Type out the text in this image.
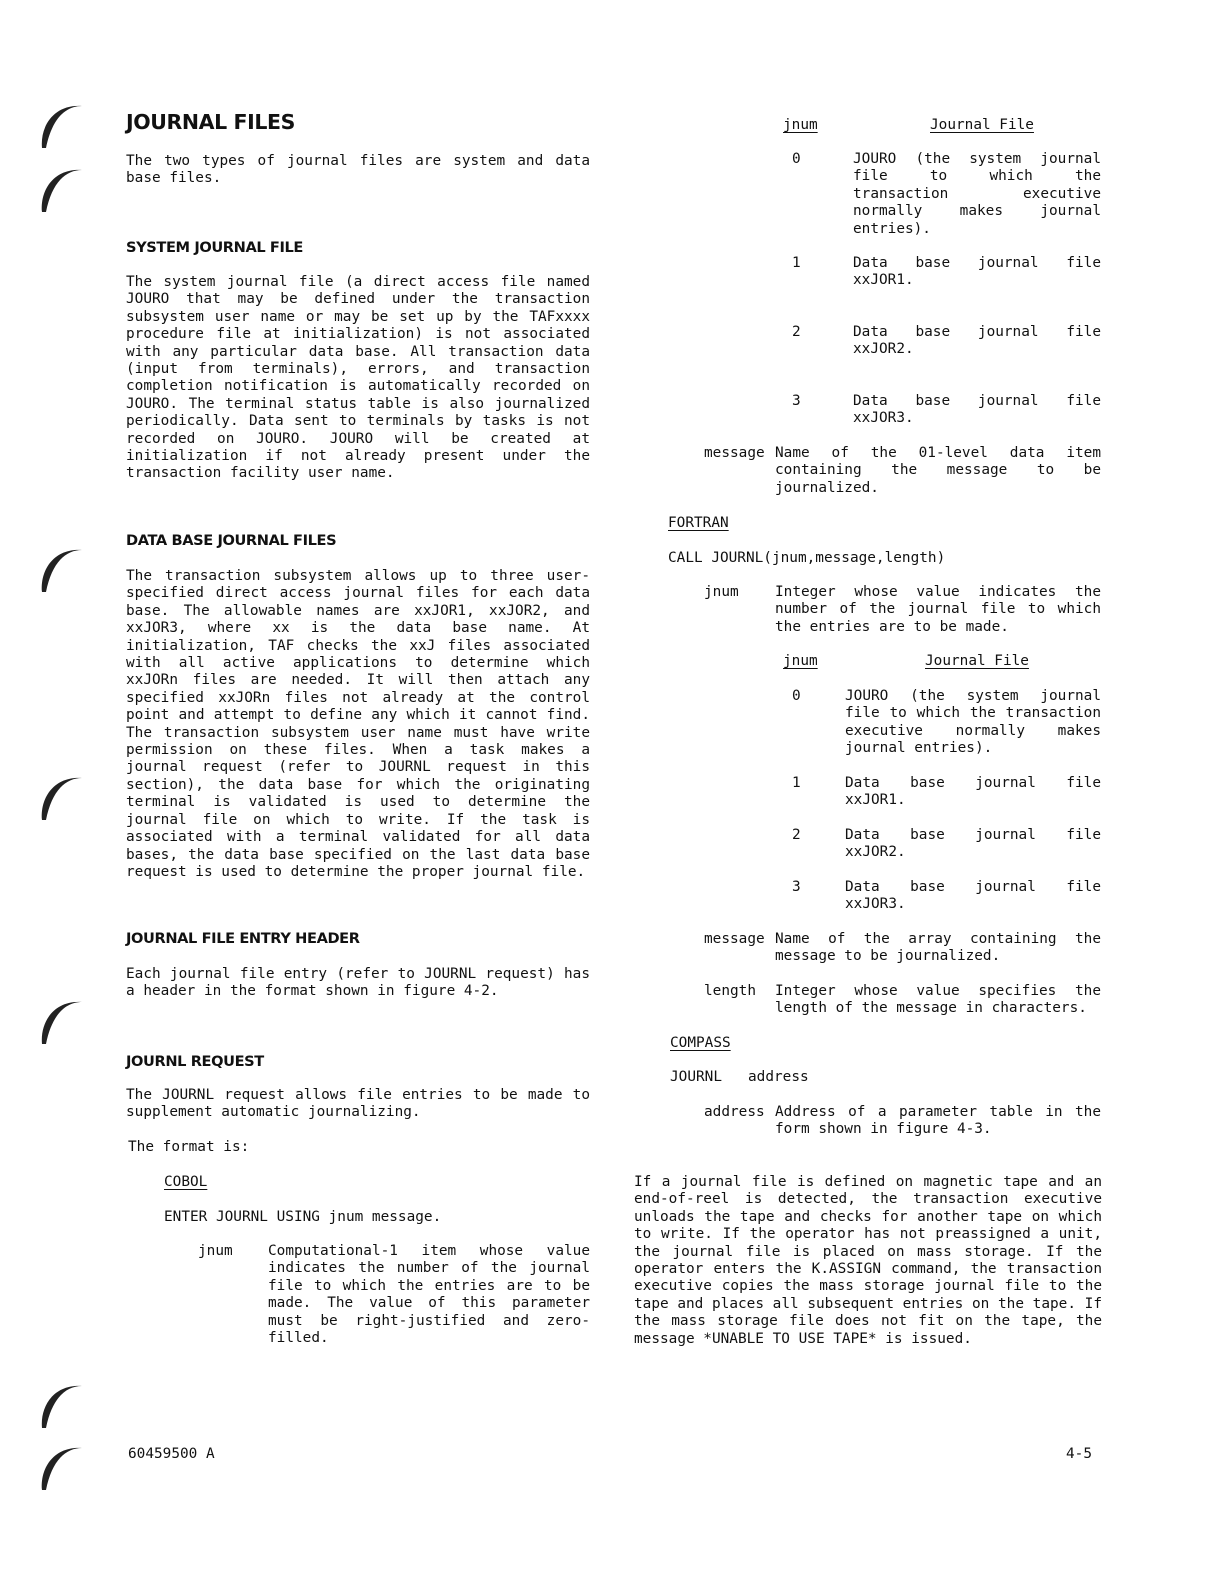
JOURNAL FILES
The two types of journal files are system and data base files.
SYSTEM JOURNAL FILE
The system journal file (a direct access file named JOURO that may be defined under the transaction subsystem user name or may be set up by the TAFxxxx procedure file at initialization) is not associated with any particular data base. All transaction data (input from terminals), errors, and transaction completion notification is automatically recorded on JOURO. The terminal status table is also journalized periodically. Data sent to terminals by tasks is not recorded on JOURO. JOURO will be created at initialization if not already present under the transaction facility user name.
DATA BASE JOURNAL FILES
The transaction subsystem allows up to three user-specified direct access journal files for each data base. The allowable names are xxJOR1, xxJOR2, and xxJOR3, where xx is the data base name. At initialization, TAF checks the xxJ files associated with all active applications to determine which xxJORn files are needed. It will then attach any specified xxJORn files not already at the control point and attempt to define any which it cannot find. The transaction subsystem user name must have write permission on these files. When a task makes a journal request (refer to JOURNL request in this section), the data base for which the originating terminal is validated is used to determine the journal file on which to write. If the task is associated with a terminal validated for all data bases, the data base specified on the last data base request is used to determine the proper journal file.
JOURNAL FILE ENTRY HEADER
Each journal file entry (refer to JOURNL request) has a header in the format shown in figure 4-2.
JOURNL REQUEST
The JOURNL request allows file entries to be made to supplement automatic journalizing.
The format is:
COBOL
ENTER JOURNL USING jnum message.
jnum Computational-1 item whose value indicates the number of the journal file to which the entries are to be made. The value of this parameter must be right-justified and zero-filled.
jnum	Journal File
0	JOURO (the system journal file to which the transaction executive normally makes journal entries).
1	Data base journal file xxJOR1.
2	Data base journal file xxJOR2.
3	Data base journal file xxJOR3.
message Name of the 01-level data item containing the message to be journalized.
FORTRAN
CALL JOURNL(jnum,message,length)
jnum	Integer whose value indicates the number of the journal file to which the entries are to be made.
jnum	Journal File
0	JOURO (the system journal file to which the transaction executive normally makes journal entries).
1	Data base journal file xxJOR1.
2	Data base journal file xxJOR2.
3	Data base journal file xxJOR3.
message Name of the array containing the message to be journalized.
length Integer whose value specifies the length of the message in characters.
COMPASS
JOURNL address
address Address of a parameter table in the form shown in figure 4-3.
If a journal file is defined on magnetic tape and an end-of-reel is detected, the transaction executive unloads the tape and checks for another tape on which to write. If the operator has not preassigned a unit, the journal file is placed on mass storage. If the operator enters the K.ASSIGN command, the transaction executive copies the mass storage journal file to the tape and places all subsequent entries on the tape. If the mass storage file does not fit on the tape, the message *UNABLE TO USE TAPE* is issued.
60459500 A	4-5
